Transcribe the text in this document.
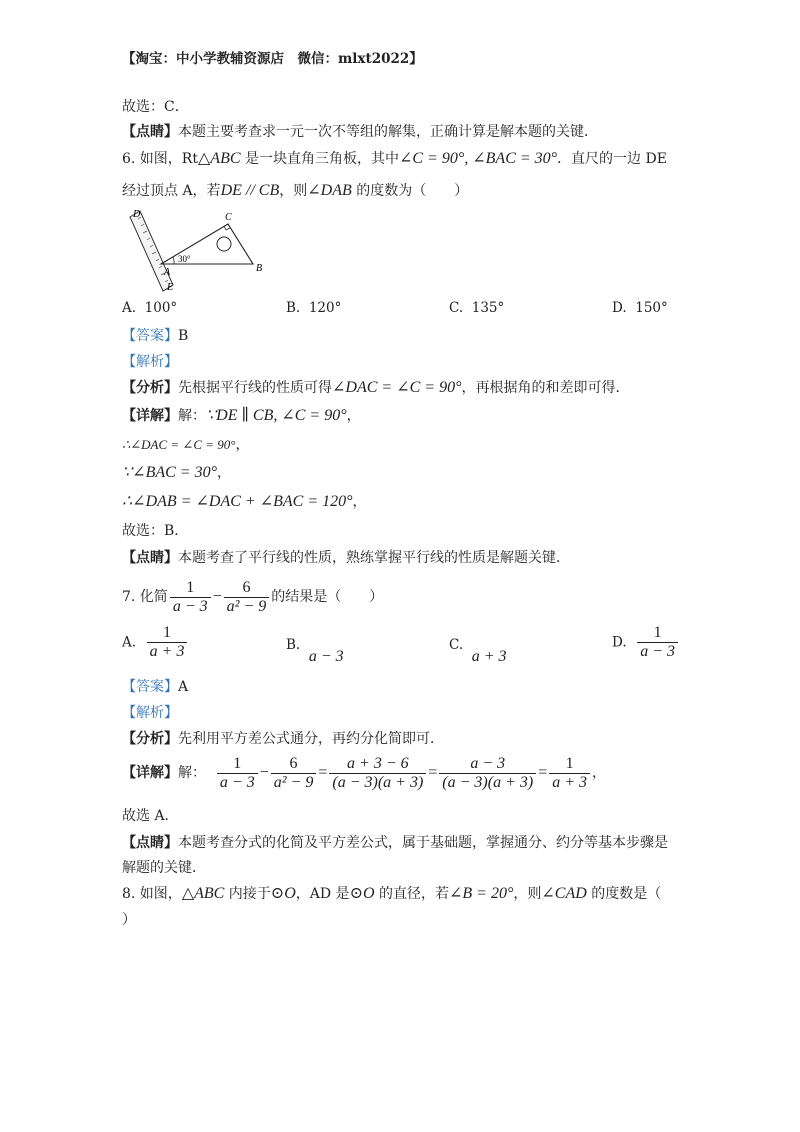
【淘宝：中小学教辅资源店　微信：mlxt2022】
故选：C．
【点睛】本题主要考查求一元一次不等组的解集，正确计算是解本题的关键．
6. 如图，Rt△ABC 是一块直角三角板，其中∠C = 90°, ∠BAC = 30°．直尺的一边 DE
经过顶点 A，若DE // CB，则∠DAB 的度数为（　　）
D	C
A	B
E
30°
A. 100°	B. 120°	C. 135°	D. 150°
【答案】B
【解析】
【分析】先根据平行线的性质可得∠DAC = ∠C = 90°，再根据角的和差即可得．
【详解】解：∵DE ∥ CB, ∠C = 90°，
∴∠DAC = ∠C = 90°，
∵∠BAC = 30°，
∴∠DAB = ∠DAC + ∠BAC = 120°，
故选：B．
【点睛】本题考查了平行线的性质，熟练掌握平行线的性质是解题关键．
7. 化简 $\frac{1}{a - 3} - \frac{6}{\text{a² − 9}}$ 的结果是（　　）
A. $\frac{1}{a + 3}$	B.  a − 3
C.  a + 3
D. $\frac{1}{a - 3}$
【答案】A
【解析】
【分析】先利用平方差公式通分，再约分化简即可．
【详解】解： $\frac{1}{a - 3} - \frac{6}{\text{a² − 9}} = \frac{a + 3 - 6}{(a - 3)(a + 3)} = \frac{a - 3}{(a - 3)(a + 3)} = \frac{1}{a + 3}$ ，
故选 A．
【点睛】本题考查分式的化简及平方差公式，属于基础题，掌握通分、约分等基本步骤是
解题的关键．
8. 如图，△ABC 内接于⊙O，AD 是⊙O 的直径，若∠B = 20°，则∠CAD 的度数是（
）
